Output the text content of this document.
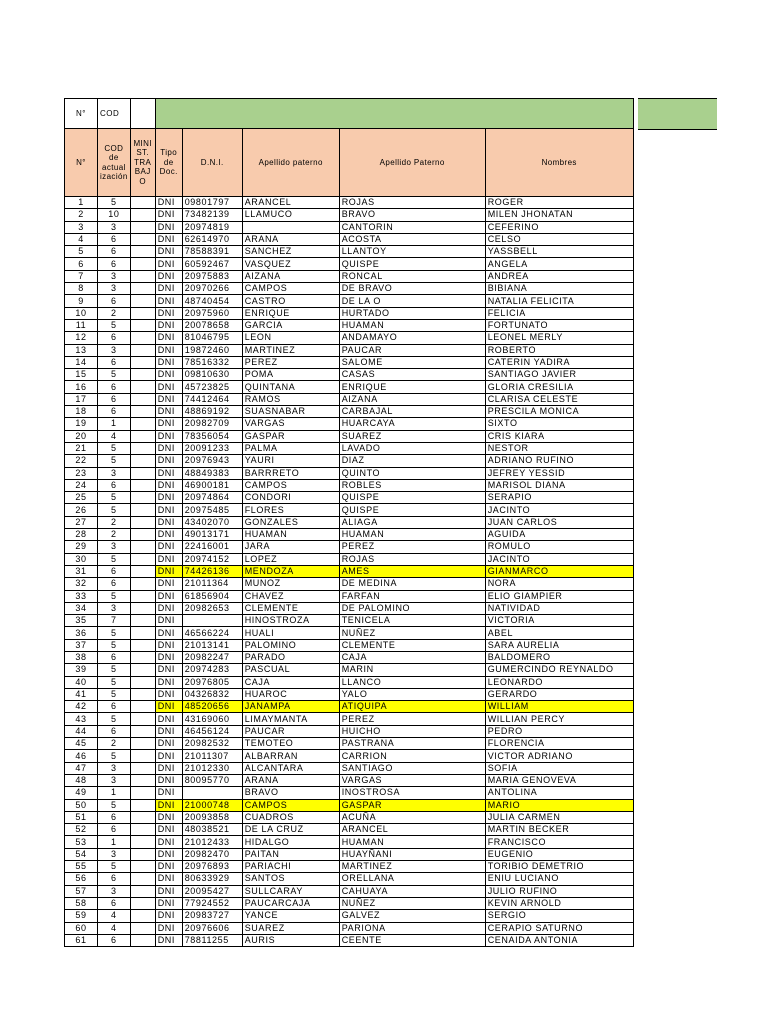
N°	COD						
N°	COD de actual ización	MINI ST. TRA BAJ O	Tipo de Doc.	D.N.I.	Apellido paterno	Apellido Paterno	Nombres
1	5		DNI	09801797	ARANCEL	ROJAS	ROGER
2	10		DNI	73482139	LLAMUCO	BRAVO	MILEN JHONATAN
3	3		DNI	20974819		CANTORIN	CEFERINO
4	6		DNI	62614970	ARANA	ACOSTA	CELSO
5	6		DNI	78588391	SANCHEZ	LLANTOY	YASSBELL
6	6		DNI	60592467	VASQUEZ	QUISPE	ANGELA
7	3		DNI	20975883	AIZANA	RONCAL	ANDREA
8	3		DNI	20970266	CAMPOS	DE BRAVO	BIBIANA
9	6		DNI	48740454	CASTRO	DE LA O	NATALIA FELICITA
10	2		DNI	20975960	ENRIQUE	HURTADO	FELICIA
11	5		DNI	20078658	GARCIA	HUAMAN	FORTUNATO
12	6		DNI	81046795	LEON	ANDAMAYO	LEONEL MERLY
13	3		DNI	19872460	MARTINEZ	PAUCAR	ROBERTO
14	6		DNI	78516332	PEREZ	SALOME	CATERIN YADIRA
15	5		DNI	09810630	POMA	CASAS	SANTIAGO JAVIER
16	6		DNI	45723825	QUINTANA	ENRIQUE	GLORIA CRESILIA
17	6		DNI	74412464	RAMOS	AIZANA	CLARISA CELESTE
18	6		DNI	48869192	SUASNABAR	CARBAJAL	PRESCILA MONICA
19	1		DNI	20982709	VARGAS	HUARCAYA	SIXTO
20	4		DNI	78356054	GASPAR	SUAREZ	CRIS KIARA
21	5		DNI	20091233	PALMA	LAVADO	NESTOR
22	5		DNI	20976943	YAURI	DIAZ	ADRIANO RUFINO
23	3		DNI	48849383	BARRRETO	QUINTO	JEFREY YESSID
24	6		DNI	46900181	CAMPOS	ROBLES	MARISOL DIANA
25	5		DNI	20974864	CONDORI	QUISPE	SERAPIO
26	5		DNI	20975485	FLORES	QUISPE	JACINTO
27	2		DNI	43402070	GONZALES	ALIAGA	JUAN CARLOS
28	2		DNI	49013171	HUAMAN	HUAMAN	AGUIDA
29	3		DNI	22416001	JARA	PEREZ	ROMULO
30	5		DNI	20974152	LOPEZ	ROJAS	JACINTO
31	6		DNI	74426136	MENDOZA	AMES	GIANMARCO
32	6		DNI	21011364	MUNOZ	DE MEDINA	NORA
33	5		DNI	61856904	CHAVEZ	FARFAN	ELIO GIAMPIER
34	3		DNI	20982653	CLEMENTE	DE PALOMINO	NATIVIDAD
35	7		DNI		HINOSTROZA	TENICELA	VICTORIA
36	5		DNI	46566224	HUALI	NUÑEZ	ABEL
37	5		DNI	21013141	PALOMINO	CLEMENTE	SARA AURELIA
38	6		DNI	20982247	PARADO	CAJA	BALDOMERO
39	5		DNI	20974283	PASCUAL	MARIN	GUMERCINDO REYNALDO
40	5		DNI	20976805	CAJA	LLANCO	LEONARDO
41	5		DNI	04326832	HUAROC	YALO	GERARDO
42	6		DNI	48520656	JANAMPA	ATIQUIPA	WILLIAM
43	5		DNI	43169060	LIMAYMANTA	PEREZ	WILLIAN PERCY
44	6		DNI	46456124	PAUCAR	HUICHO	PEDRO
45	2		DNI	20982532	TEMOTEO	PASTRANA	FLORENCIA
46	5		DNI	21011307	ALBARRAN	CARRION	VICTOR ADRIANO
47	3		DNI	21012330	ALCANTARA	SANTIAGO	SOFIA
48	3		DNI	80095770	ARANA	VARGAS	MARIA GENOVEVA
49	1		DNI		BRAVO	INOSTROSA	ANTOLINA
50	5		DNI	21000748	CAMPOS	GASPAR	MARIO
51	6		DNI	20093858	CUADROS	ACUÑA	JULIA CARMEN
52	6		DNI	48038521	DE LA CRUZ	ARANCEL	MARTIN BECKER
53	1		DNI	21012433	HIDALGO	HUAMAN	FRANCISCO
54	3		DNI	20982470	PAITAN	HUAYÑANI	EUGENIO
55	5		DNI	20976893	PARIACHI	MARTINEZ	TORIBIO DEMETRIO
56	6		DNI	80633929	SANTOS	ORELLANA	ENIU LUCIANO
57	3		DNI	20095427	SULLCARAY	CAHUAYA	JULIO RUFINO
58	6		DNI	77924552	PAUCARCAJA	NUÑEZ	KEVIN ARNOLD
59	4		DNI	20983727	YANCE	GALVEZ	SERGIO
60	4		DNI	20976606	SUAREZ	PARIONA	CERAPIO SATURNO
61	6		DNI	78811255	AURIS	CEENTE	CENAIDA ANTONIA
